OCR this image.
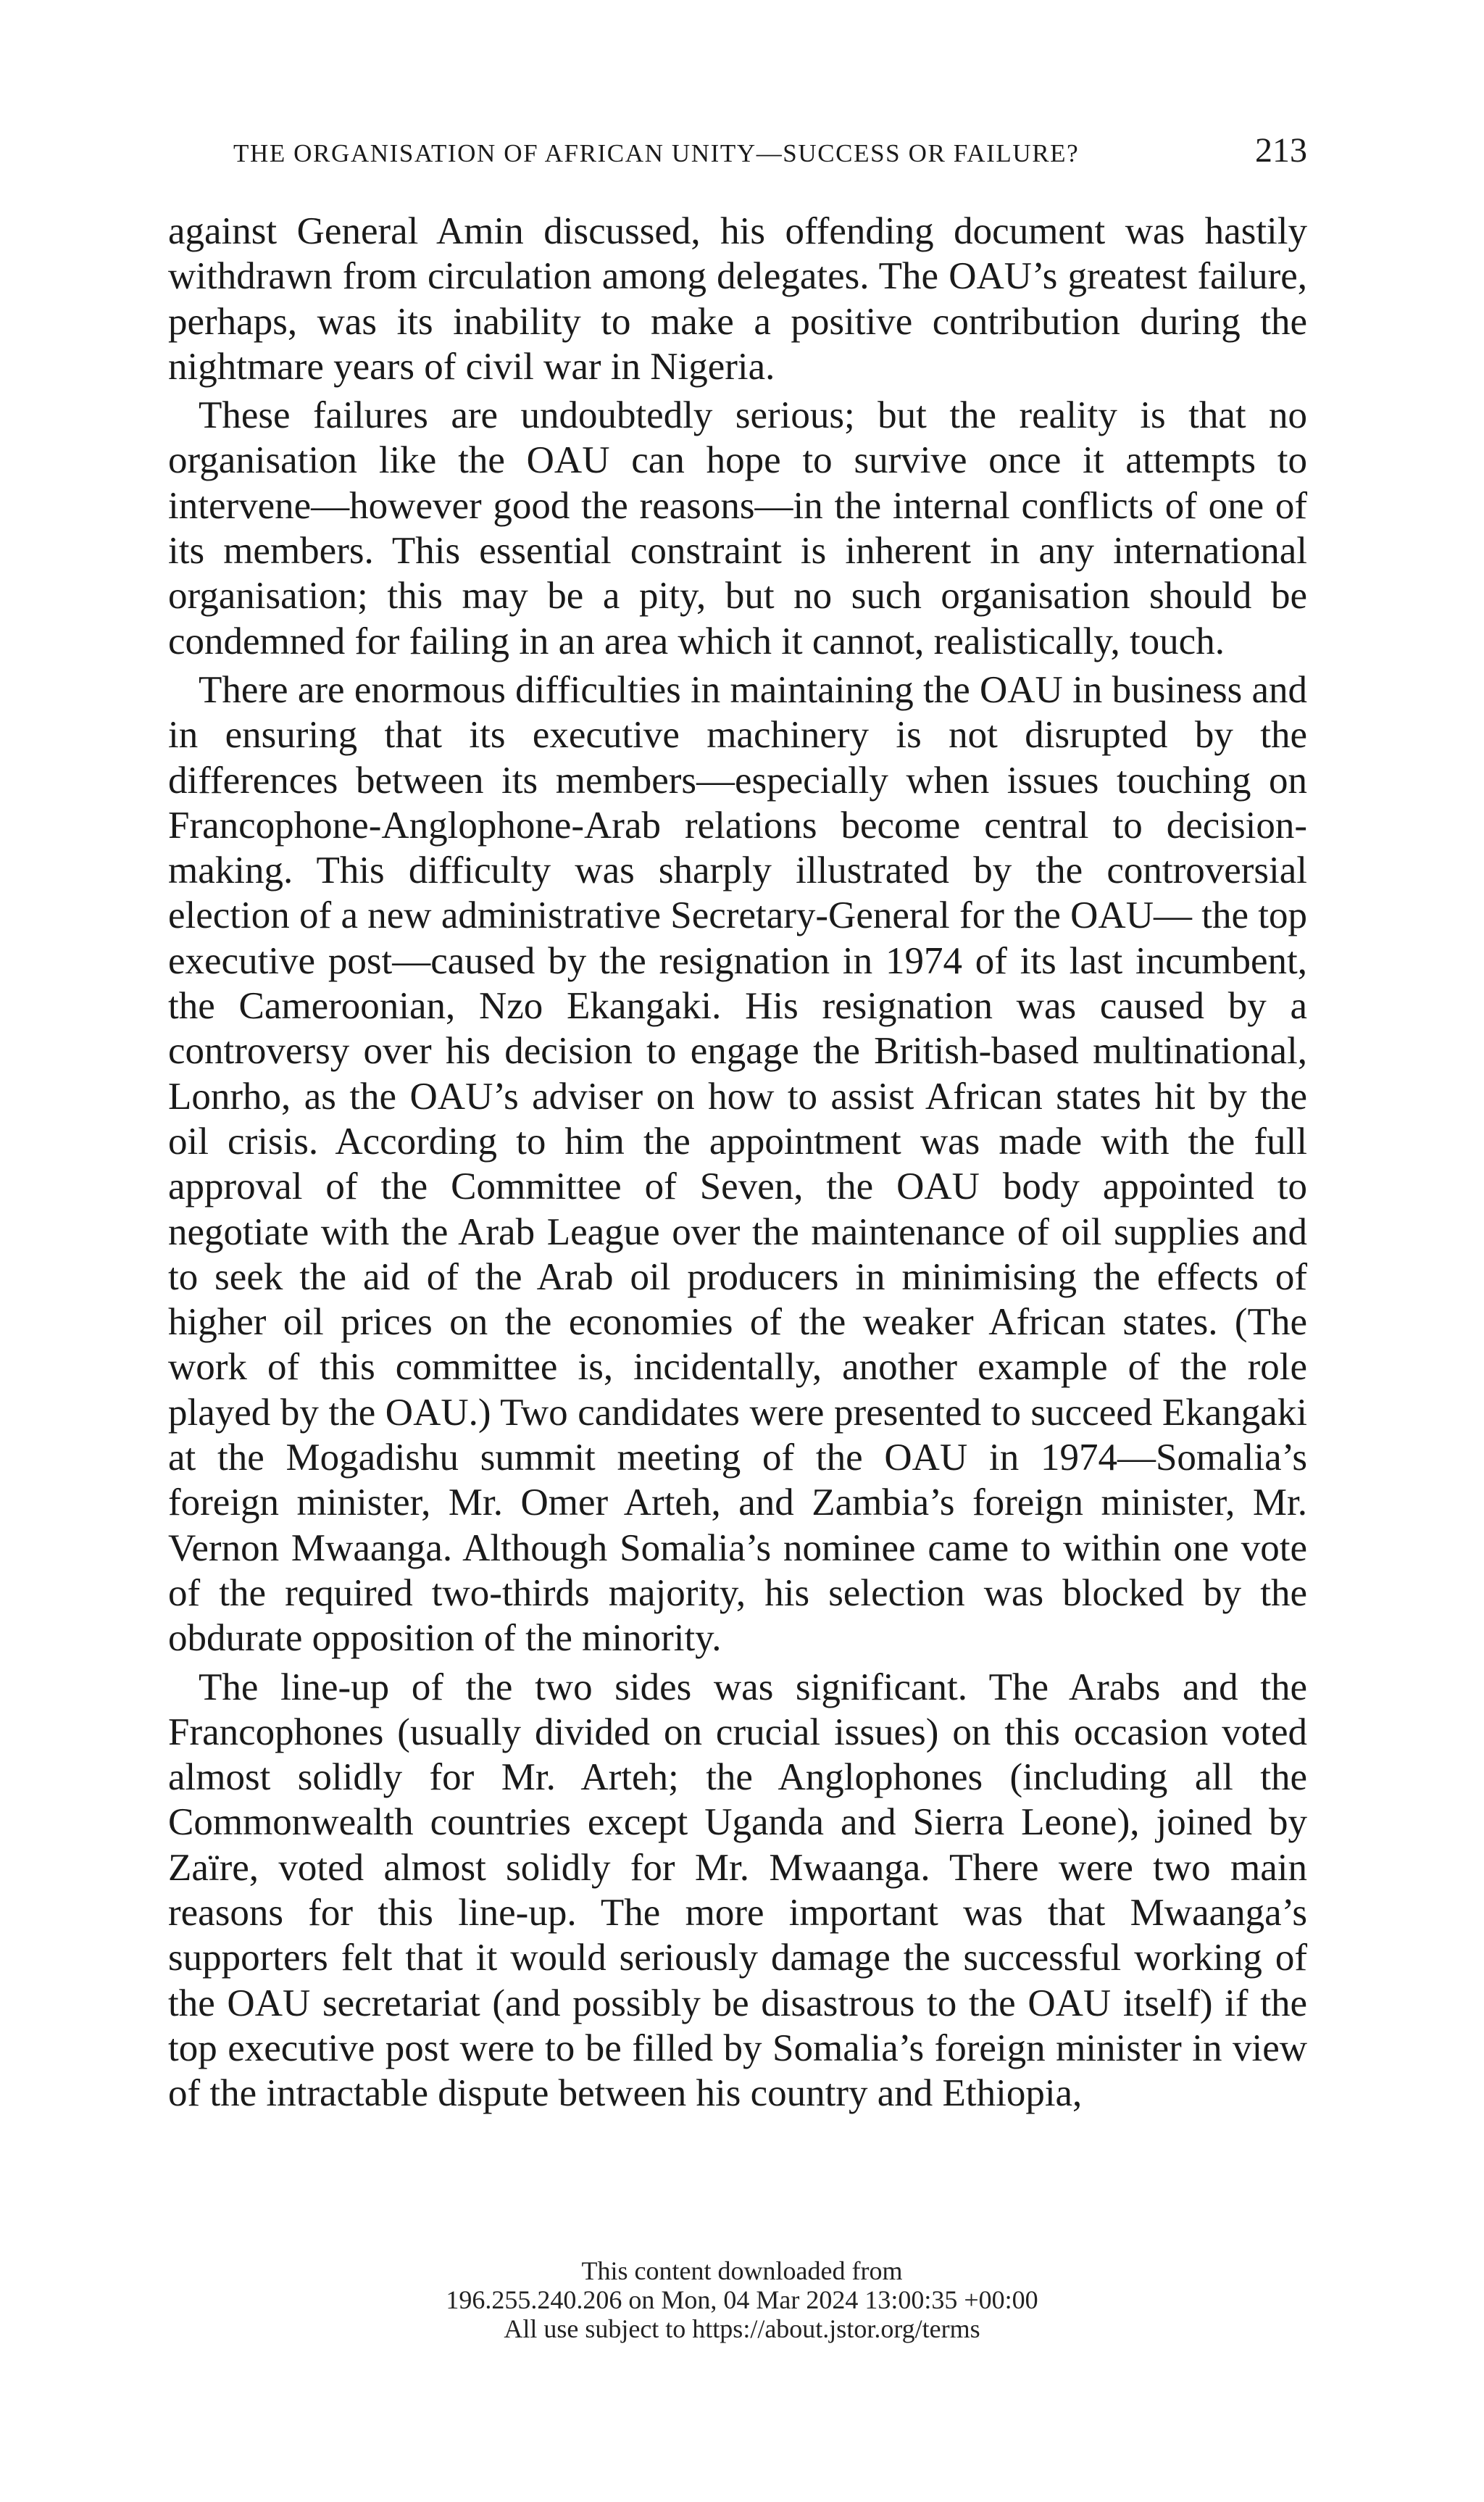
THE ORGANISATION OF AFRICAN UNITY—SUCCESS OR FAILURE?	213

against General Amin discussed, his offending document was hastily withdrawn from circulation among delegates. The OAU’s greatest failure, perhaps, was its inability to make a positive contribution during the nightmare years of civil war in Nigeria.

These failures are undoubtedly serious; but the reality is that no organisation like the OAU can hope to survive once it attempts to intervene—however good the reasons—in the internal conflicts of one of its members. This essential constraint is inherent in any international organisation; this may be a pity, but no such organisation should be condemned for failing in an area which it cannot, realistically, touch.

There are enormous difficulties in maintaining the OAU in business and in ensuring that its executive machinery is not disrupted by the differences between its members—especially when issues touching on Francophone-Anglophone-Arab relations become central to decision-making. This difficulty was sharply illustrated by the controversial election of a new administrative Secretary-General for the OAU— the top executive post—caused by the resignation in 1974 of its last incumbent, the Cameroonian, Nzo Ekangaki. His resignation was caused by a controversy over his decision to engage the British-based multinational, Lonrho, as the OAU’s adviser on how to assist African states hit by the oil crisis. According to him the appointment was made with the full approval of the Committee of Seven, the OAU body appointed to negotiate with the Arab League over the maintenance of oil supplies and to seek the aid of the Arab oil producers in minimising the effects of higher oil prices on the economies of the weaker African states. (The work of this committee is, incidentally, another example of the role played by the OAU.) Two candidates were presented to succeed Ekangaki at the Mogadishu summit meeting of the OAU in 1974—Somalia’s foreign minister, Mr. Omer Arteh, and Zambia’s foreign minister, Mr. Vernon Mwaanga. Although Somalia’s nominee came to within one vote of the required two-thirds majority, his selection was blocked by the obdurate opposition of the minority.

The line-up of the two sides was significant. The Arabs and the Francophones (usually divided on crucial issues) on this occasion voted almost solidly for Mr. Arteh; the Anglophones (including all the Commonwealth countries except Uganda and Sierra Leone), joined by Zaïre, voted almost solidly for Mr. Mwaanga. There were two main reasons for this line-up. The more important was that Mwaanga’s supporters felt that it would seriously damage the successful working of the OAU secretariat (and possibly be disastrous to the OAU itself) if the top executive post were to be filled by Somalia’s foreign minister in view of the intractable dispute between his country and Ethiopia,

This content downloaded from
196.255.240.206 on Mon, 04 Mar 2024 13:00:35 +00:00
All use subject to https://about.jstor.org/terms
